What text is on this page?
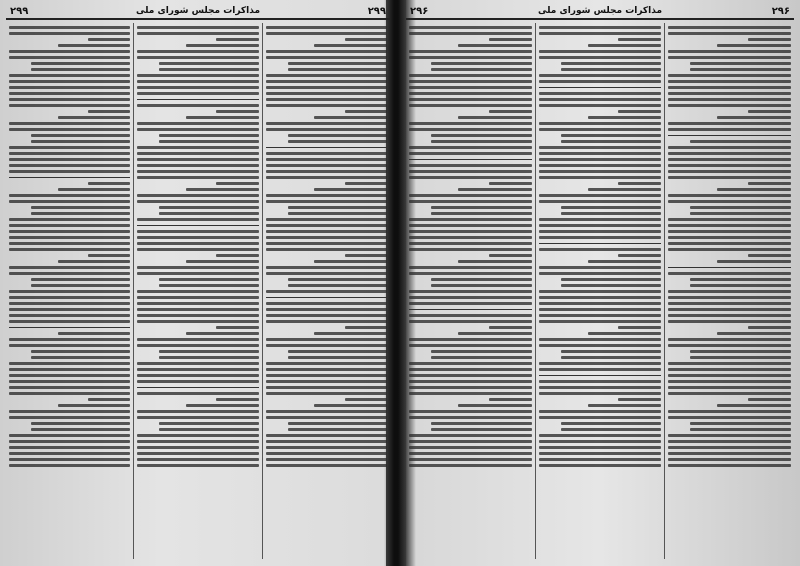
۲۹۹
مذاکرات مجلس شورای ملی
۲۹۹	۲۹۶
مذاکرات مجلس شورای ملی
۲۹۶
